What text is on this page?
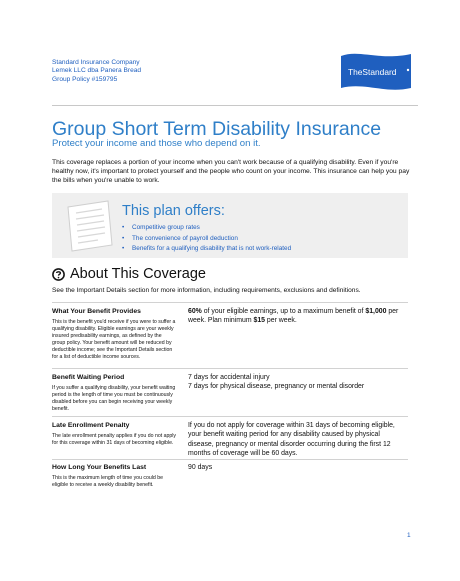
Standard Insurance Company
Lemek LLC dba Panera Bread
Group Policy #159795
TheStandard
Group Short Term Disability Insurance
Protect your income and those who depend on it.

This coverage replaces a portion of your income when you can't work because of a qualifying disability. Even if you're healthy now, it's important to protect yourself and the people who count on your income. This insurance can help you pay the bills when you're unable to work.

This plan offers:
• Competitive group rates
• The convenience of payroll deduction
• Benefits for a qualifying disability that is not work-related
About This Coverage
See the Important Details section for more information, including requirements, exclusions and definitions.
What Your Benefit Provides
This is the benefit you'd receive if you were to suffer a qualifying disability. Eligible earnings are your weekly insured predisability earnings, as defined by the group policy. Your benefit amount will be reduced by deductible income; see the Important Details section for a list of deductible income sources.
60% of your eligible earnings, up to a maximum benefit of $1,000 per week. Plan minimum $15 per week.
Benefit Waiting Period
If you suffer a qualifying disability, your benefit waiting period is the length of time you must be continuously disabled before you can begin receiving your weekly benefit.
7 days for accidental injury
7 days for physical disease, pregnancy or mental disorder
Late Enrollment Penalty
The late enrollment penalty applies if you do not apply for this coverage within 31 days of becoming eligible.
If you do not apply for coverage within 31 days of becoming eligible, your benefit waiting period for any disability caused by physical disease, pregnancy or mental disorder occurring during the first 12 months of coverage will be 60 days.
How Long Your Benefits Last
This is the maximum length of time you could be eligible to receive a weekly disability benefit.
90 days
1
